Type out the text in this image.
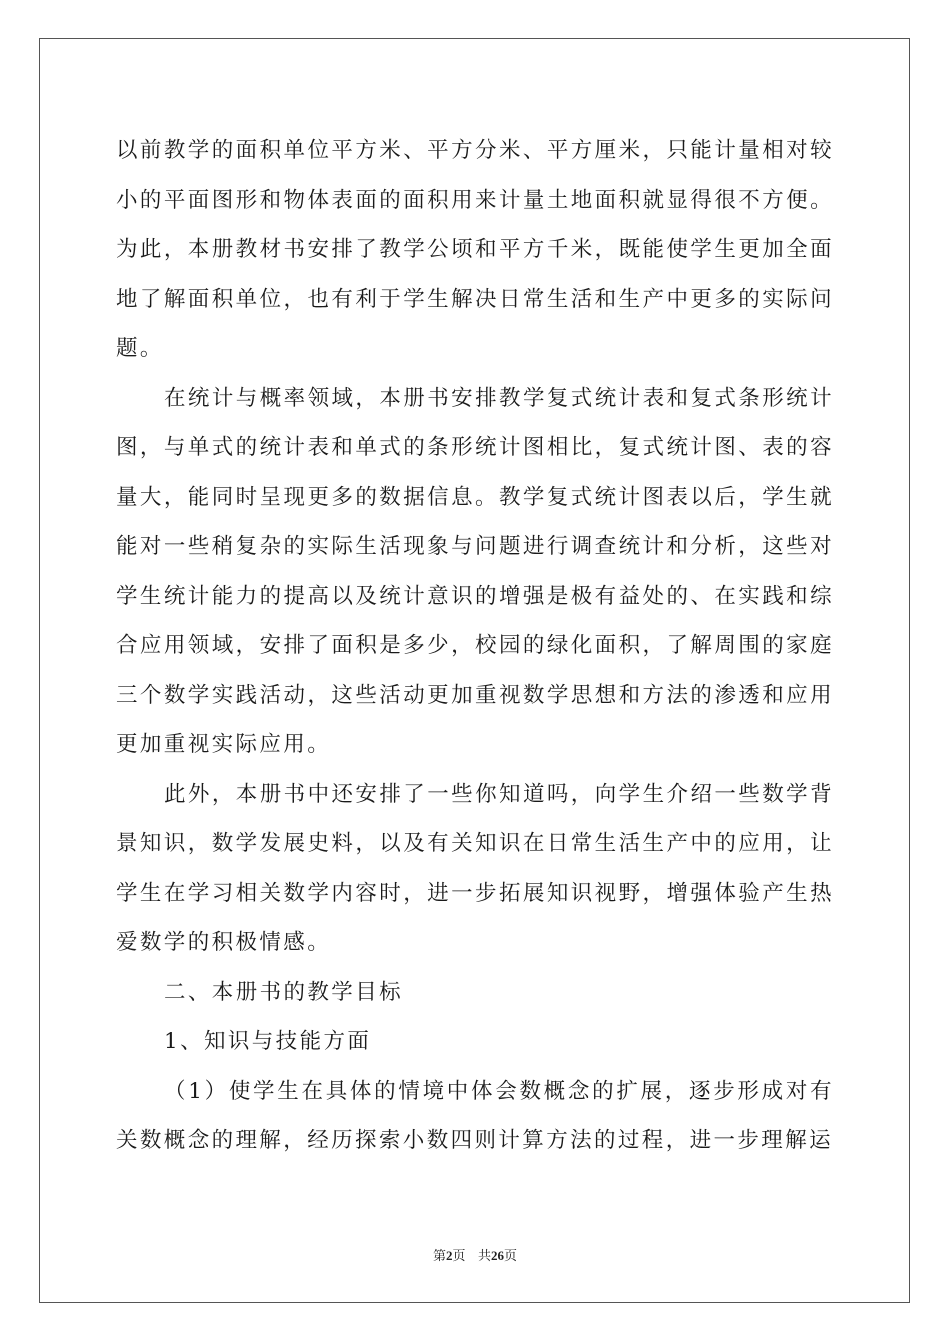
以前教学的面积单位平方米、平方分米、平方厘米，只能计量相对较小的平面图形和物体表面的面积用来计量土地面积就显得很不方便。为此，本册教材书安排了教学公顷和平方千米，既能使学生更加全面地了解面积单位，也有利于学生解决日常生活和生产中更多的实际问题。

在统计与概率领域，本册书安排教学复式统计表和复式条形统计图，与单式的统计表和单式的条形统计图相比，复式统计图、表的容量大，能同时呈现更多的数据信息。教学复式统计图表以后，学生就能对一些稍复杂的实际生活现象与问题进行调查统计和分析，这些对学生统计能力的提高以及统计意识的增强是极有益处的、在实践和综合应用领域，安排了面积是多少，校园的绿化面积，了解周围的家庭三个数学实践活动，这些活动更加重视数学思想和方法的渗透和应用更加重视实际应用。

此外，本册书中还安排了一些你知道吗，向学生介绍一些数学背景知识，数学发展史料，以及有关知识在日常生活生产中的应用，让学生在学习相关数学内容时，进一步拓展知识视野，增强体验产生热爱数学的积极情感。

二、本册书的教学目标

1、知识与技能方面

（1）使学生在具体的情境中体会数概念的扩展，逐步形成对有关数概念的理解，经历探索小数四则计算方法的过程，进一步理解运

第2页 共26页
